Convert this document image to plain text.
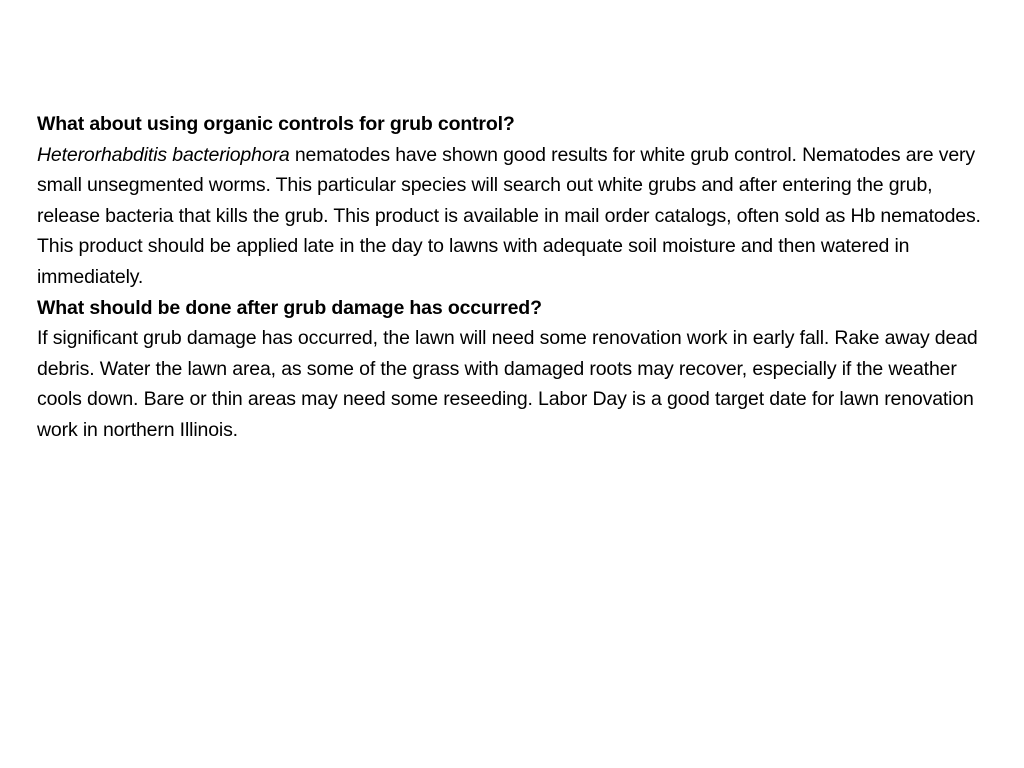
What about using organic controls for grub control?

Heterorhabditis bacteriophora nematodes have shown good results for white grub control. Nematodes are very small unsegmented worms. This particular species will search out white grubs and after entering the grub, release bacteria that kills the grub. This product is available in mail order catalogs, often sold as Hb nematodes. This product should be applied late in the day to lawns with adequate soil moisture and then watered in immediately.

What should be done after grub damage has occurred?

If significant grub damage has occurred, the lawn will need some renovation work in early fall. Rake away dead debris. Water the lawn area, as some of the grass with damaged roots may recover, especially if the weather cools down. Bare or thin areas may need some reseeding. Labor Day is a good target date for lawn renovation work in northern Illinois.
